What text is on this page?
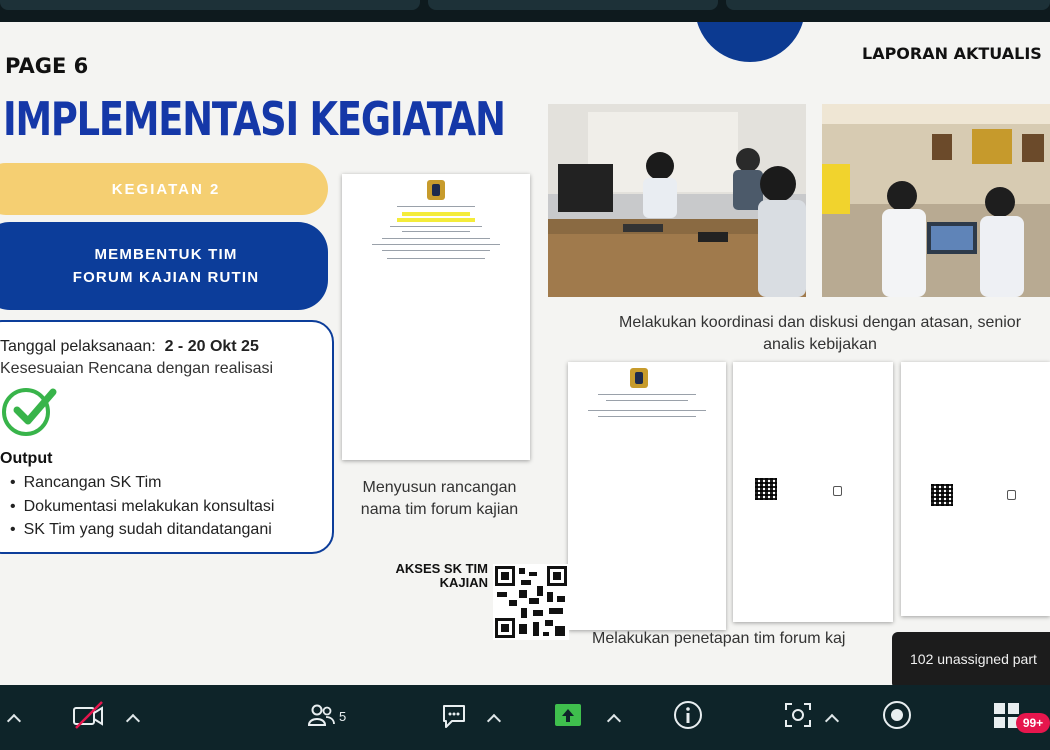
PAGE 6
LAPORAN AKTUALIS
IMPLEMENTASI KEGIATAN
KEGIATAN 2
MEMBENTUK TIM
FORUM KAJIAN RUTIN
Tanggal pelaksanaan: 2 - 20 Okt 25
Kesesuaian Rencana dengan realisasi
Output
• Rancangan SK Tim
• Dokumentasi melakukan konsultasi
• SK Tim yang sudah ditandatangani
Menyusun rancangan nama tim forum kajian
Melakukan koordinasi dan diskusi dengan atasan, senior analis kebijakan
Melakukan penetapan tim forum kaj
AKSES SK TIM
KAJIAN
102 unassigned part
5	99+
